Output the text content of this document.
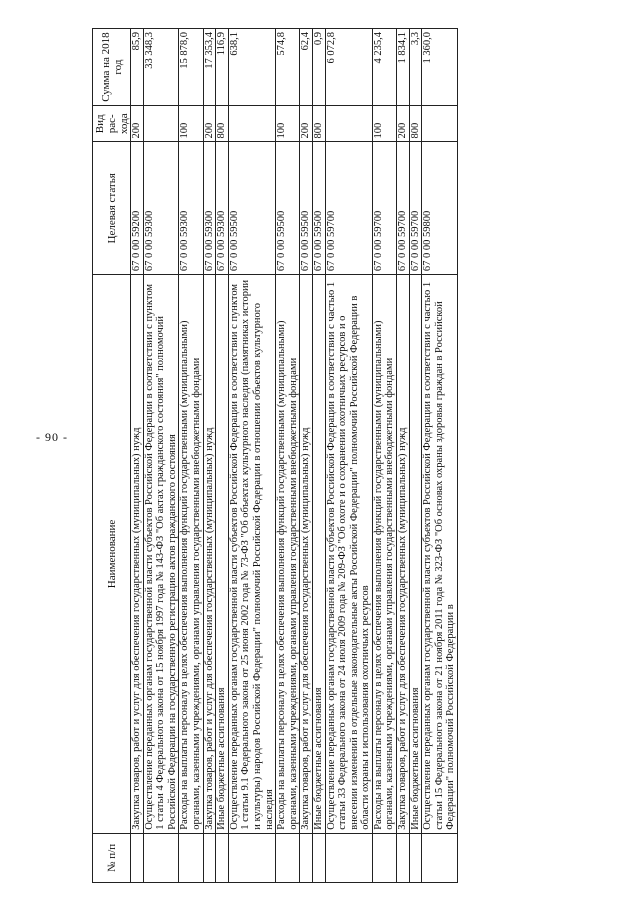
- 90 -
№ п/п	Наименование	Целевая статья	Вид рас-хода	Сумма на 2018 год
	Закупка товаров, работ и услуг для обеспечения государственных (муниципальных) нужд	67 0 00 59200	200	85,9
	Осуществление переданных органам государственной власти субъектов Российской Федерации в соответствии с пунктом 1 статьи 4 Федерального закона от 15 ноября 1997 года № 143-ФЗ "Об актах гражданского состояния" полномочий Российской Федерации на государственную регистрацию актов гражданского состояния	67 0 00 59300		33 348,3
	Расходы на выплаты персоналу в целях обеспечения выполнения функций государственными (муниципальными) органами, казенными учреждениями, органами управления государственными внебюджетными фондами	67 0 00 59300	100	15 878,0
	Закупка товаров, работ и услуг для обеспечения государственных (муниципальных) нужд	67 0 00 59300	200	17 353,4
	Иные бюджетные ассигнования	67 0 00 59300	800	116,9
	Осуществление переданных органам государственной власти субъектов Российской Федерации в соответствии с пунктом 1 статьи 9.1 Федерального закона от 25 июня 2002 года № 73-ФЗ "Об объектах культурного наследия (памятниках истории и культуры) народов Российской Федерации" полномочий Российской Федерации в отношении объектов культурного наследия	67 0 00 59500		638,1
	Расходы на выплаты персоналу в целях обеспечения выполнения функций государственными (муниципальными) органами, казенными учреждениями, органами управления государственными внебюджетными фондами	67 0 00 59500	100	574,8
	Закупка товаров, работ и услуг для обеспечения государственных (муниципальных) нужд	67 0 00 59500	200	62,4
	Иные бюджетные ассигнования	67 0 00 59500	800	0,9
	Осуществление переданных органам государственной власти субъектов Российской Федерации в соответствии с частью 1 статьи 33 Федерального закона от 24 июля 2009 года № 209-ФЗ "Об охоте и о сохранении охотничьих ресурсов и о внесении изменений в отдельные законодательные акты Российской Федерации" полномочий Российской Федерации в области охраны и использования охотничьих ресурсов	67 0 00 59700		6 072,8
	Расходы на выплаты персоналу в целях обеспечения выполнения функций государственными (муниципальными) органами, казенными учреждениями, органами управления государственными внебюджетными фондами	67 0 00 59700	100	4 235,4
	Закупка товаров, работ и услуг для обеспечения государственных (муниципальных) нужд	67 0 00 59700	200	1 834,1
	Иные бюджетные ассигнования	67 0 00 59700	800	3,3
	Осуществление переданных органам государственной власти субъектов Российской Федерации в соответствии с частью 1 статьи 15 Федерального закона от 21 ноября 2011 года № 323-ФЗ "Об основах охраны здоровья граждан в Российской Федерации" полномочий Российской Федерации в	67 0 00 59800		1 360,0
